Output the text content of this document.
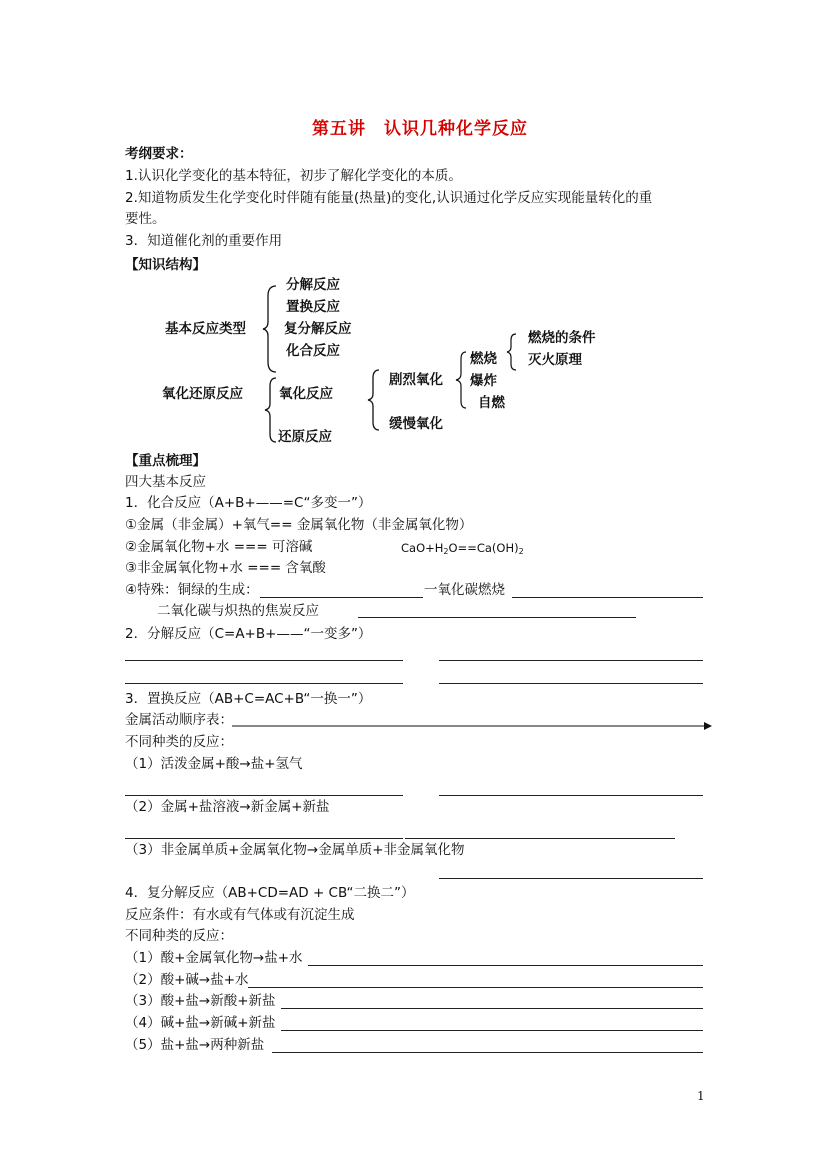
第五讲　认识几种化学反应
考纲要求：
1.认识化学变化的基本特征，初步了解化学变化的本质。
2.知道物质发生化学变化时伴随有能量(热量)的变化,认识通过化学反应实现能量转化的重
要性。
3．知道催化剂的重要作用
【知识结构】
基本反应类型
分解反应
置换反应
复分解反应
化合反应
氧化还原反应	氧化反应
还原反应
剧烈氧化
缓慢氧化
燃烧
爆炸
自燃
燃烧的条件
灭火原理
【重点梳理】
四大基本反应
1．化合反应（A+B+——=C“多变一”）
①金属（非金属）+氧气== 金属氧化物（非金属氧化物）
②金属氧化物+水 === 可溶碱	$CaO+H_2O==Ca(OH)_2$
③非金属氧化物+水 === 含氧酸
④特殊：铜绿的生成：	一氧化碳燃烧
二氧化碳与炽热的焦炭反应
2．分解反应（C=A+B+——“一变多”）
3．置换反应（AB+C=AC+B“一换一”）
金属活动顺序表：
不同种类的反应：
（1）活泼金属+酸→盐+氢气
（2）金属+盐溶液→新金属+新盐
（3）非金属单质+金属氧化物→金属单质+非金属氧化物
4．复分解反应（AB+CD=AD + CB“二换二”）
反应条件：有水或有气体或有沉淀生成
不同种类的反应：
（1）酸+金属氧化物→盐+水
（2）酸+碱→盐+水
（3）酸+盐→新酸+新盐
（4）碱+盐→新碱+新盐
（5）盐+盐→两种新盐
1
